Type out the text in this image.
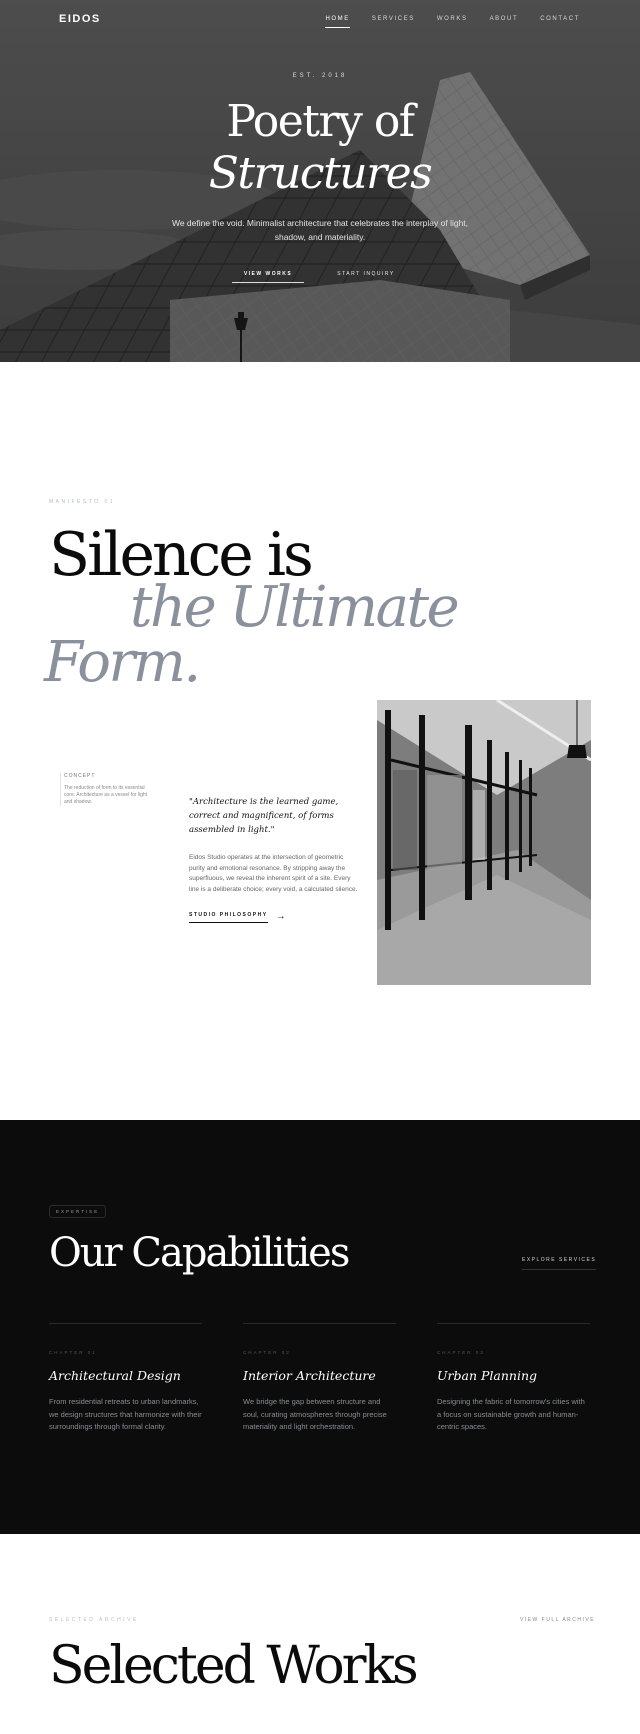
EIDOS	HOME	SERVICES	WORKS	ABOUT	CONTACT
EST. 2018
Poetry of
Structures

We define the void. Minimalist architecture that celebrates the interplay of light, shadow, and materiality.

VIEW WORKS	START INQUIRY
MANIFESTO 01
Silence is
the Ultimate
Form.
CONCEPT
The reduction of form to its essential core. Architecture as a vessel for light and shadow.	"Architecture is the learned game, correct and magnificent, of forms assembled in light."

Eidos Studio operates at the intersection of geometric purity and emotional resonance. By stripping away the superfluous, we reveal the inherent spirit of a site. Every line is a deliberate choice; every void, a calculated silence.

STUDIO PHILOSOPHY →
EXPERTISE
Our Capabilities	EXPLORE SERVICES
CHAPTER 01
Architectural Design
From residential retreats to urban landmarks, we design structures that harmonize with their surroundings through formal clarity.
CHAPTER 02
Interior Architecture
We bridge the gap between structure and soul, curating atmospheres through precise materiality and light orchestration.
CHAPTER 03
Urban Planning
Designing the fabric of tomorrow's cities with a focus on sustainable growth and human-centric spaces.
SELECTED ARCHIVE	VIEW FULL ARCHIVE
Selected Works
